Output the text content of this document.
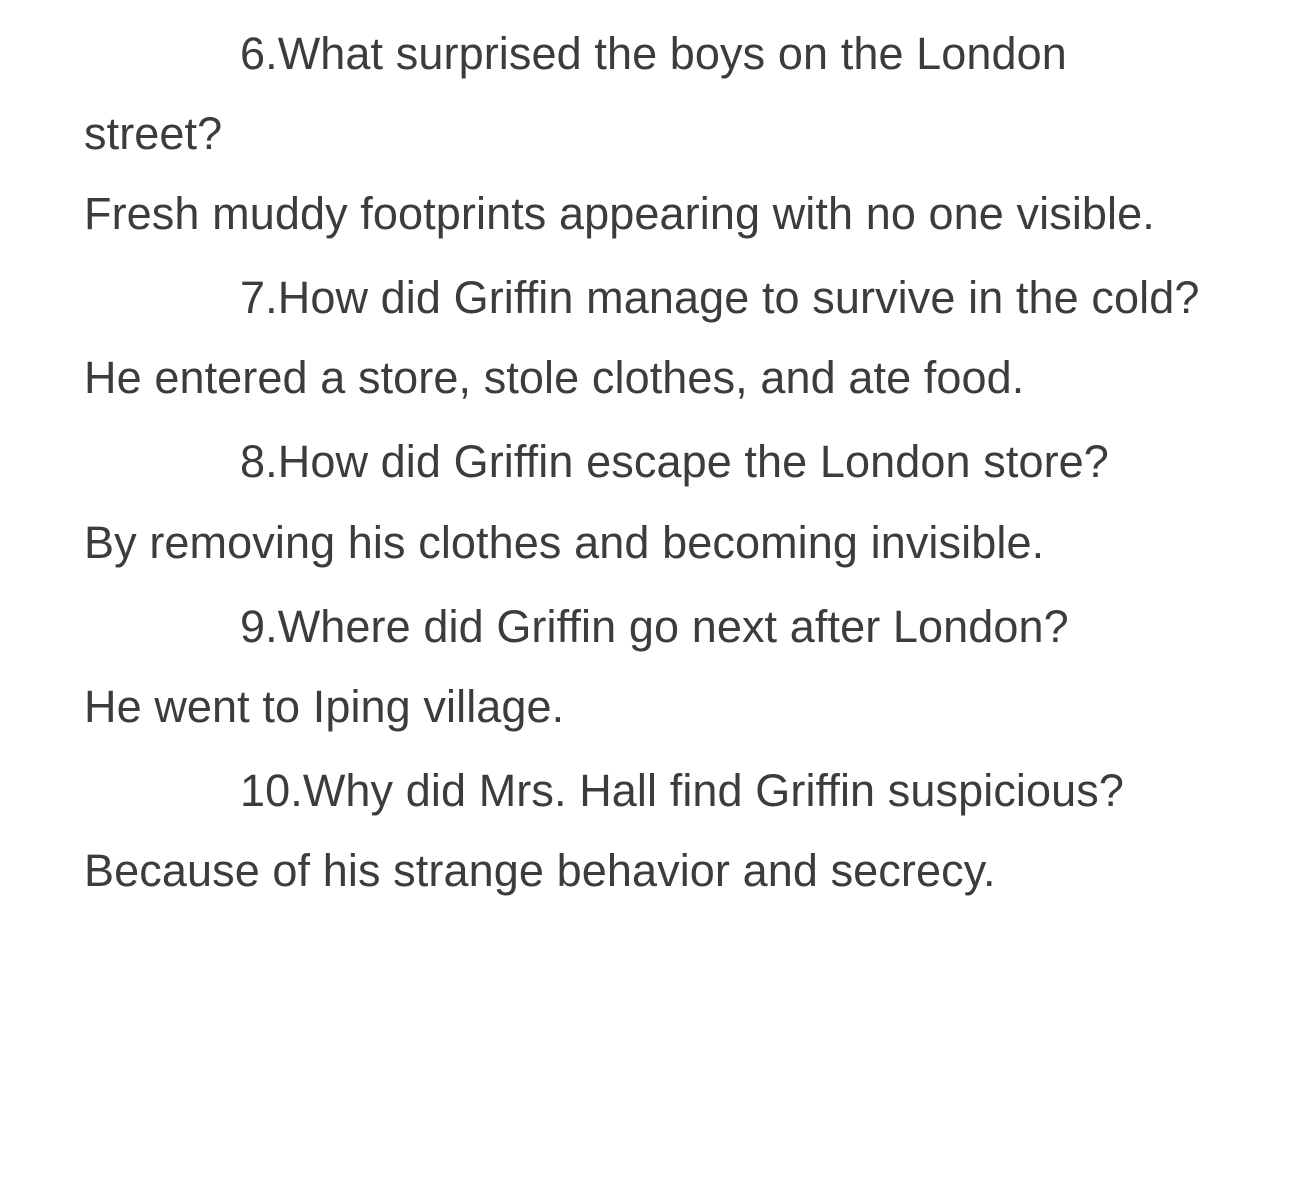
6.What surprised the boys on the London street?

Fresh muddy footprints appearing with no one visible.

7.How did Griffin manage to survive in the cold?

He entered a store, stole clothes, and ate food.

8.How did Griffin escape the London store?

By removing his clothes and becoming invisible.

9.Where did Griffin go next after London?

He went to Iping village.

10.Why did Mrs. Hall find Griffin suspicious?

Because of his strange behavior and secrecy.
